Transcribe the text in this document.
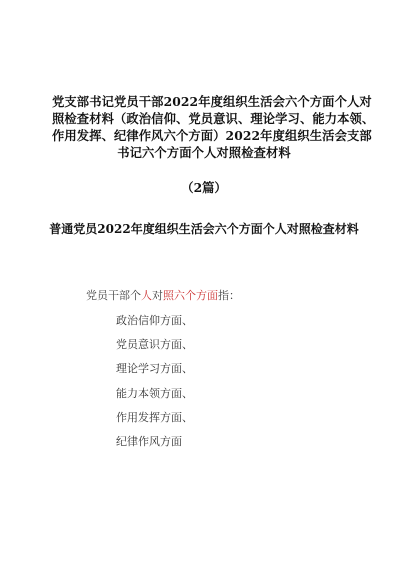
党支部书记党员干部2022年度组织生活会六个方面个人对
照检查材料（政治信仰、党员意识、理论学习、能力本领、
作用发挥、纪律作风六个方面）2022年度组织生活会支部
书记六个方面个人对照检查材料
（2篇）
普通党员2022年度组织生活会六个方面个人对照检查材料
党员干部个人对照六个方面指：
政治信仰方面、
党员意识方面、
理论学习方面、
能力本领方面、
作用发挥方面、
纪律作风方面
